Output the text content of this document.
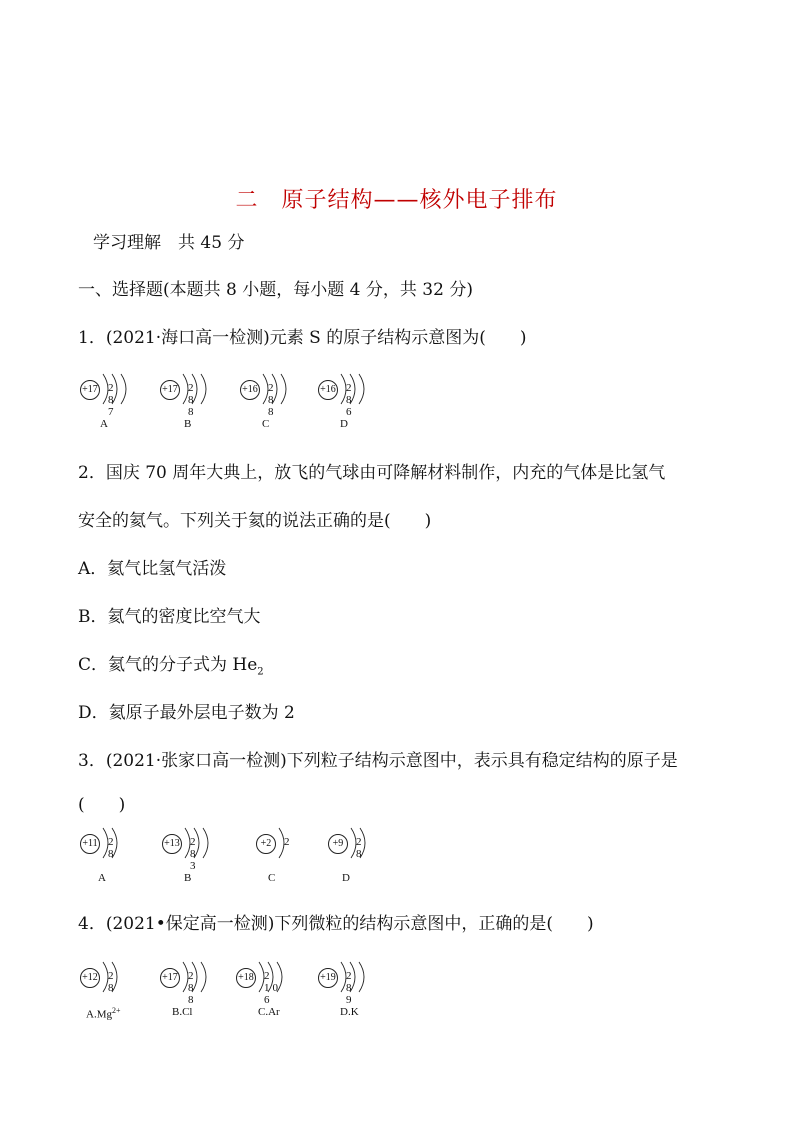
二　原子结构——核外电子排布
学习理解　共 45 分
一、选择题(本题共 8 小题，每小题 4 分，共 32 分)
1．(2021·海口高一检测)元素 S 的原子结构示意图为(　　)
+17 2 8 7
A
+17 2 8 8
B
+16 2 8 8
C
+16 2 8 6
D
2．国庆 70 周年大典上，放飞的气球由可降解材料制作，内充的气体是比氢气
安全的氦气。下列关于氦的说法正确的是(　　)
A．氦气比氢气活泼
B．氦气的密度比空气大
C．氦气的分子式为 $He_2$
D．氦原子最外层电子数为 2
3．(2021·张家口高一检测)下列粒子结构示意图中，表示具有稳定结构的原子是
(　　)
+11 2 8
A
+13 2 8 3
B
+2	2
C
+9	2 8
D
4．(2021•保定高一检测)下列微粒的结构示意图中，正确的是(　　)
+12 2 8
$A.Mg^{2+}$
+17 2 8 8
B.Cl
+18 2 10 6
C.Ar
+19 2 8 9
D.K
